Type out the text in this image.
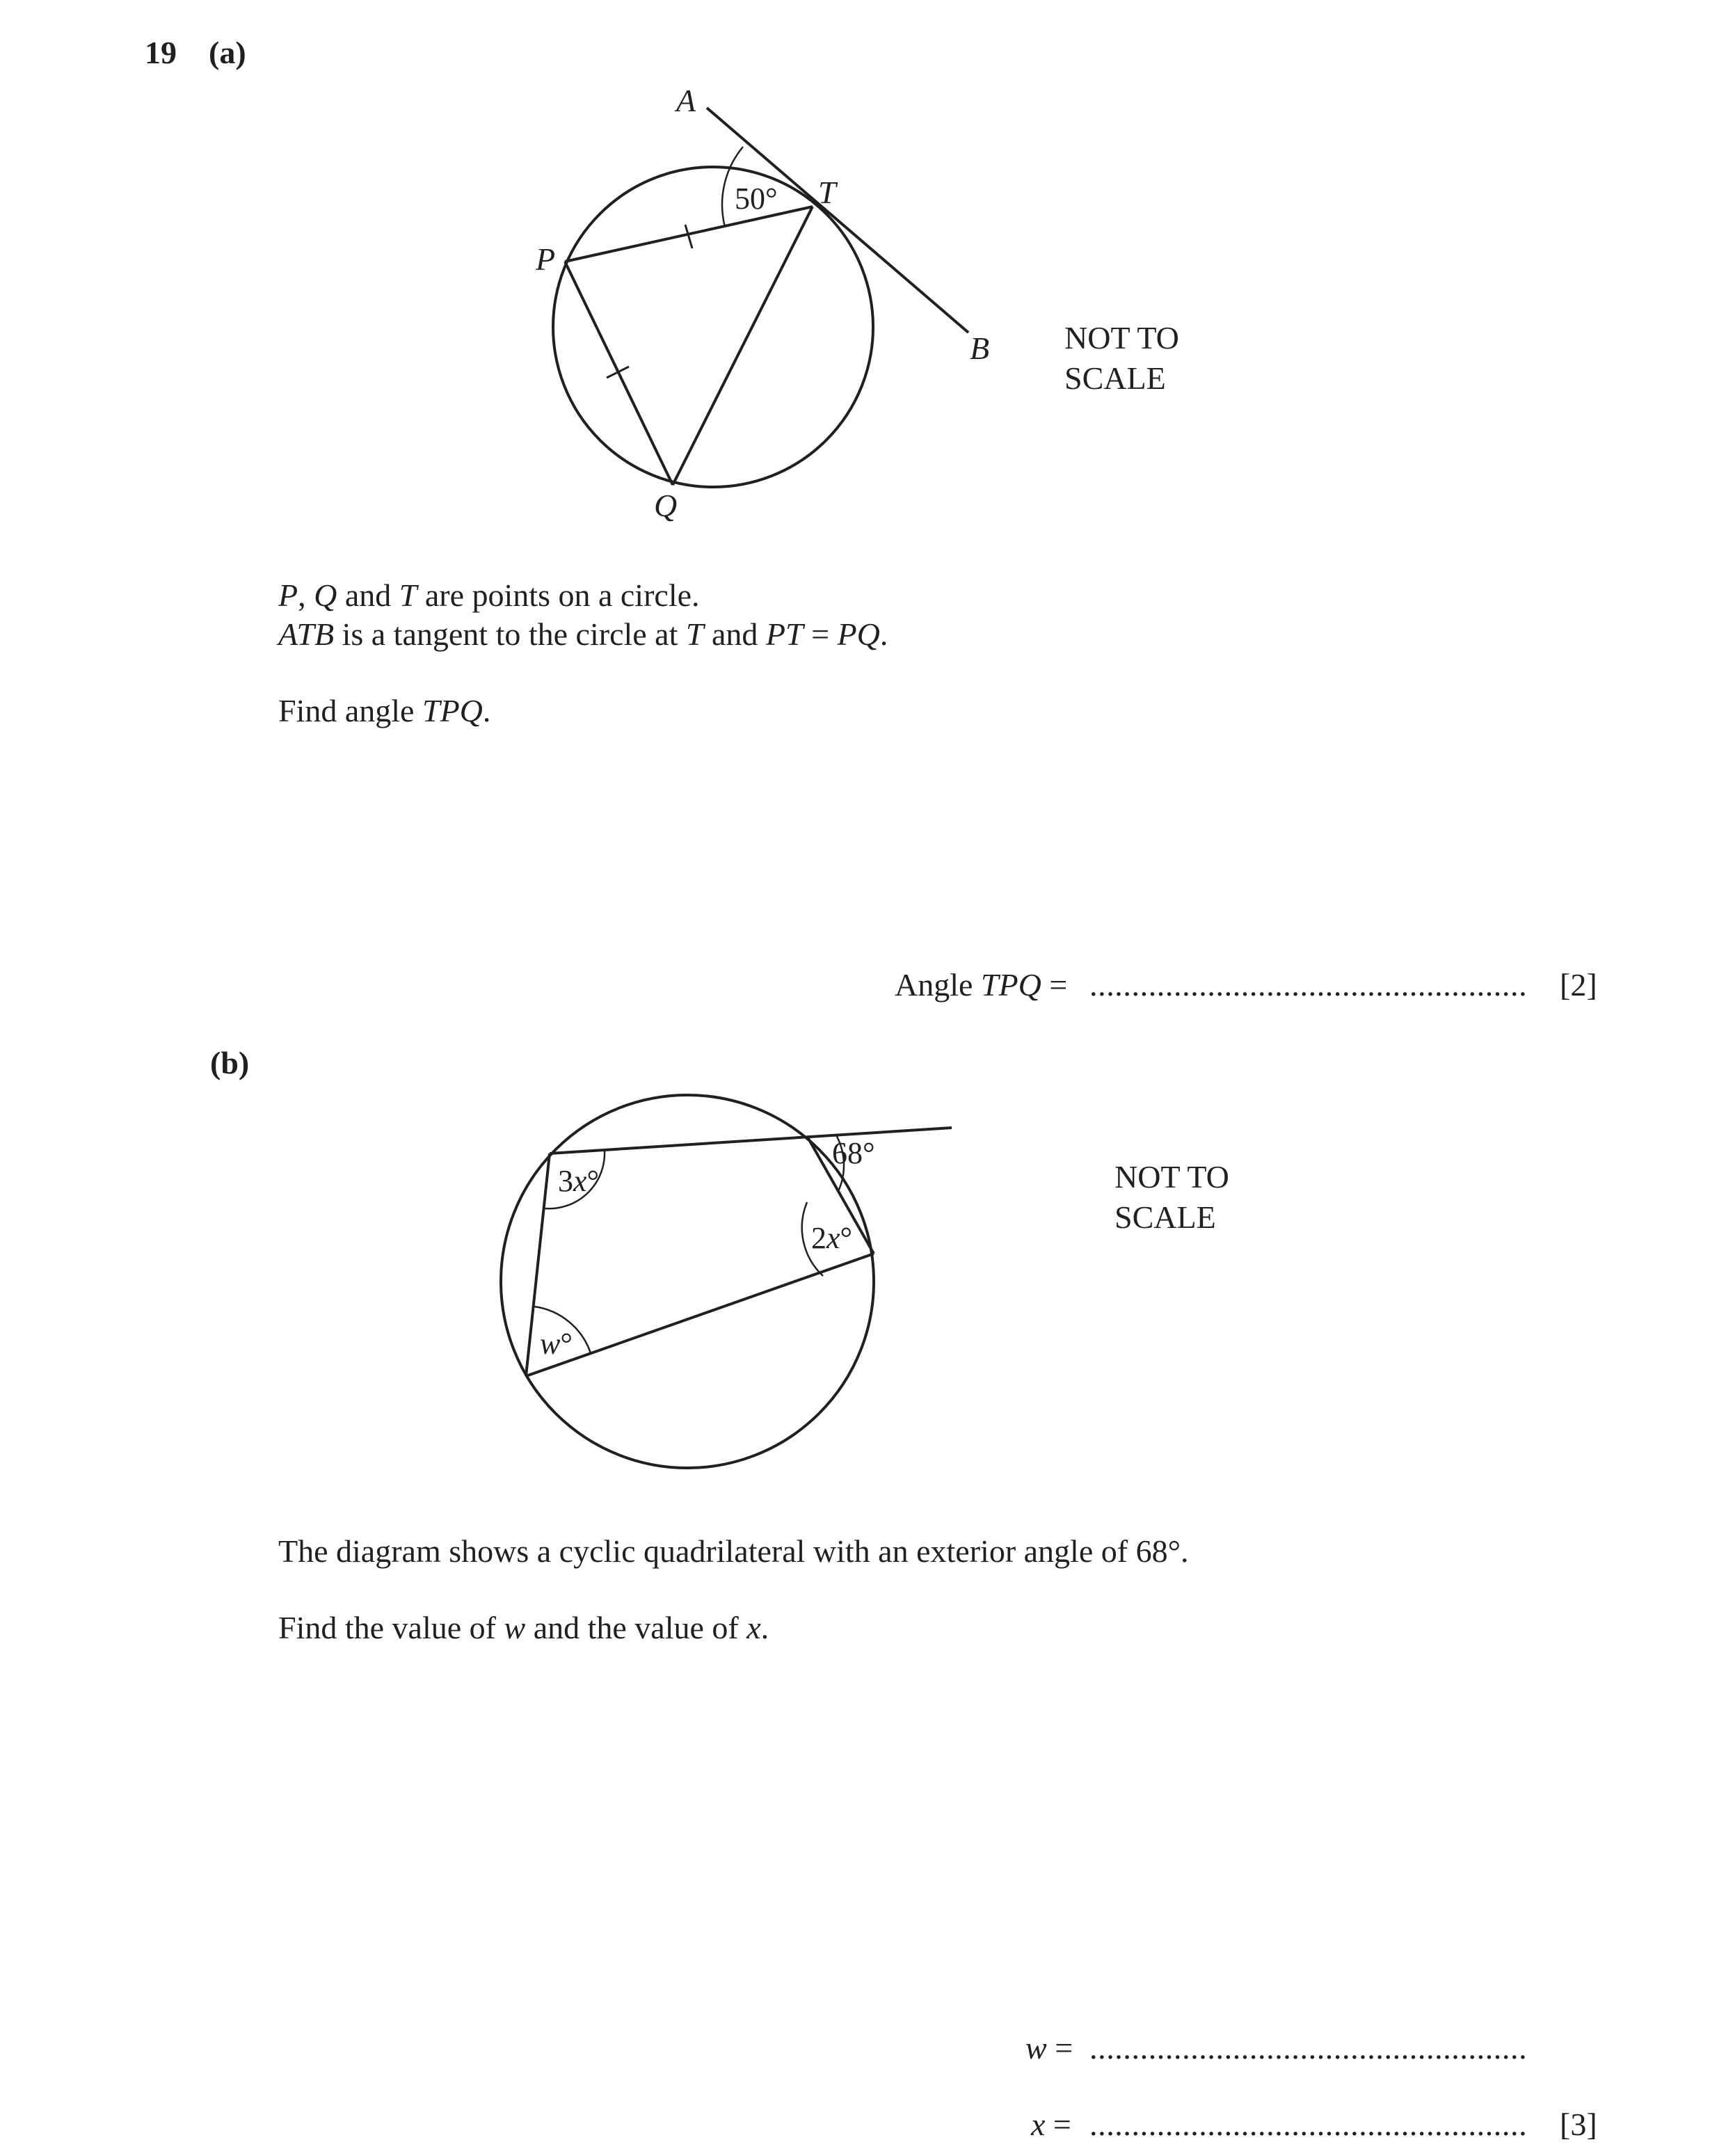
19 (a)
A
T
P
B
Q
50°
3x°
68°
2x°
w°
NOT TO
SCALE
P, Q and T are points on a circle.
ATB is a tangent to the circle at T and PT = PQ.
Find angle TPQ.
Angle TPQ = .................................................... [2]
(b)
NOT TO
SCALE
The diagram shows a cyclic quadrilateral with an exterior angle of 68°.
Find the value of w and the value of x.
w = ....................................................
x = .................................................... [3]
